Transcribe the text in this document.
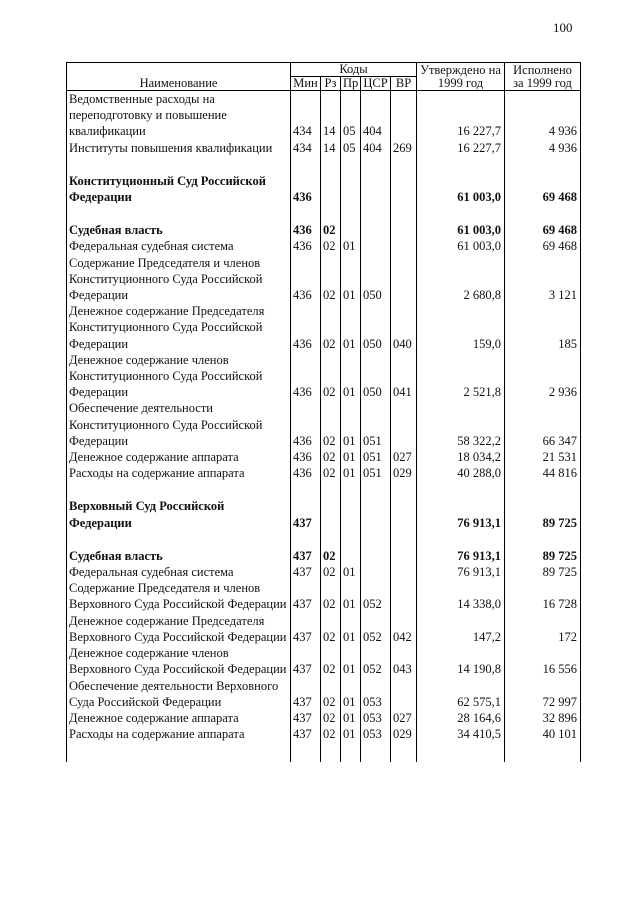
100
Наименование	Коды					Утверждено на 1999 год	Исполнено за 1999 год
	Мин	Рз	Пр	ЦСР	ВР		
Ведомственные расходы на переподготовку и повышение квалификации	434	14	05	404		16 227,7	4 936
Институты повышения квалификации	434	14	05	404	269	16 227,7	4 936

Конституционный Суд Российской Федерации	436					61 003,0	69 468

Судебная власть	436	02				61 003,0	69 468
Федеральная судебная система	436	02	01			61 003,0	69 468
Содержание Председателя и членов Конституционного Суда Российской Федерации	436	02	01	050		2 680,8	3 121
Денежное содержание Председателя Конституционного Суда Российской Федерации	436	02	01	050	040	159,0	185
Денежное содержание членов Конституционного Суда Российской Федерации	436	02	01	050	041	2 521,8	2 936
Обеспечение деятельности Конституционного Суда Российской Федерации	436	02	01	051		58 322,2	66 347
Денежное содержание аппарата	436	02	01	051	027	18 034,2	21 531
Расходы на содержание аппарата	436	02	01	051	029	40 288,0	44 816

Верховный Суд Российской Федерации	437					76 913,1	89 725

Судебная власть	437	02				76 913,1	89 725
Федеральная судебная система	437	02	01			76 913,1	89 725
Содержание Председателя и членов Верховного Суда Российской Федерации	437	02	01	052		14 338,0	16 728
Денежное содержание Председателя Верховного Суда Российской Федерации	437	02	01	052	042	147,2	172
Денежное содержание членов Верховного Суда Российской Федерации	437	02	01	052	043	14 190,8	16 556
Обеспечение деятельности Верховного Суда Российской Федерации	437	02	01	053		62 575,1	72 997
Денежное содержание аппарата	437	02	01	053	027	28 164,6	32 896
Расходы на содержание аппарата	437	02	01	053	029	34 410,5	40 101
